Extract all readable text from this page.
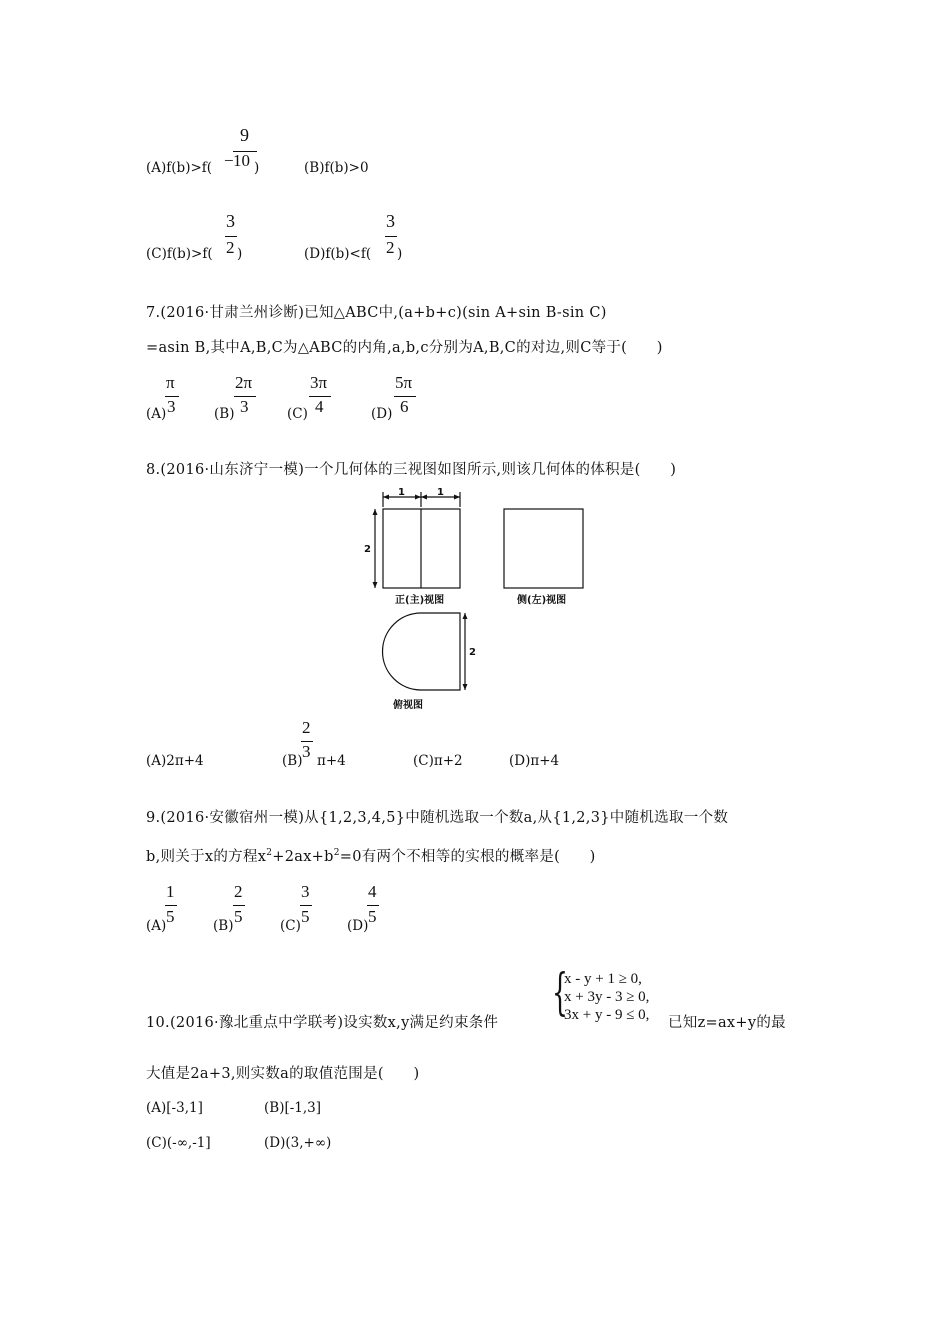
(A)f(b)>f(
9
− 10 )	(B)f(b)>0
(C)f(b)>f(
3
2 )	(D)f(b)<f(
3
2 )
7.(2016·甘肃兰州诊断)已知△ABC中,(a+b+c)(sin A+sin B-sin C)
=asin B,其中A,B,C为△ABC的内角,a,b,c分别为A,B,C的对边,则C等于(　　)
(A)
π
3	(B)
2π
3	(C)
3π
4	(D)
5π
6
8.(2016·山东济宁一模)一个几何体的三视图如图所示,则该几何体的体积是(　　)
1	1
2
2
正(主)视图	侧(左)视图
俯视图
(A)2π+4	(B)
2
3 π+4	(C)π+2	(D)π+4
9.(2016·安徽宿州一模)从{1,2,3,4,5}中随机选取一个数a,从{1,2,3}中随机选取一个数
b,则关于x的方程$x^2+2ax+b^2=0$有两个不相等的实根的概率是(　　)
(A)
1
5	(B)
2
5	(C)
3
5	(D)
4
5
10.(2016·豫北重点中学联考)设实数x,y满足约束条件
{
x - y + 1 ≥ 0,
x + 3y - 3 ≥ 0,
3x + y - 9 ≤ 0, 已知z=ax+y的最
大值是2a+3,则实数a的取值范围是(　　)
(A)[-3,1]	(B)[-1,3]
(C)(-∞,-1]	(D)(3,+∞)
